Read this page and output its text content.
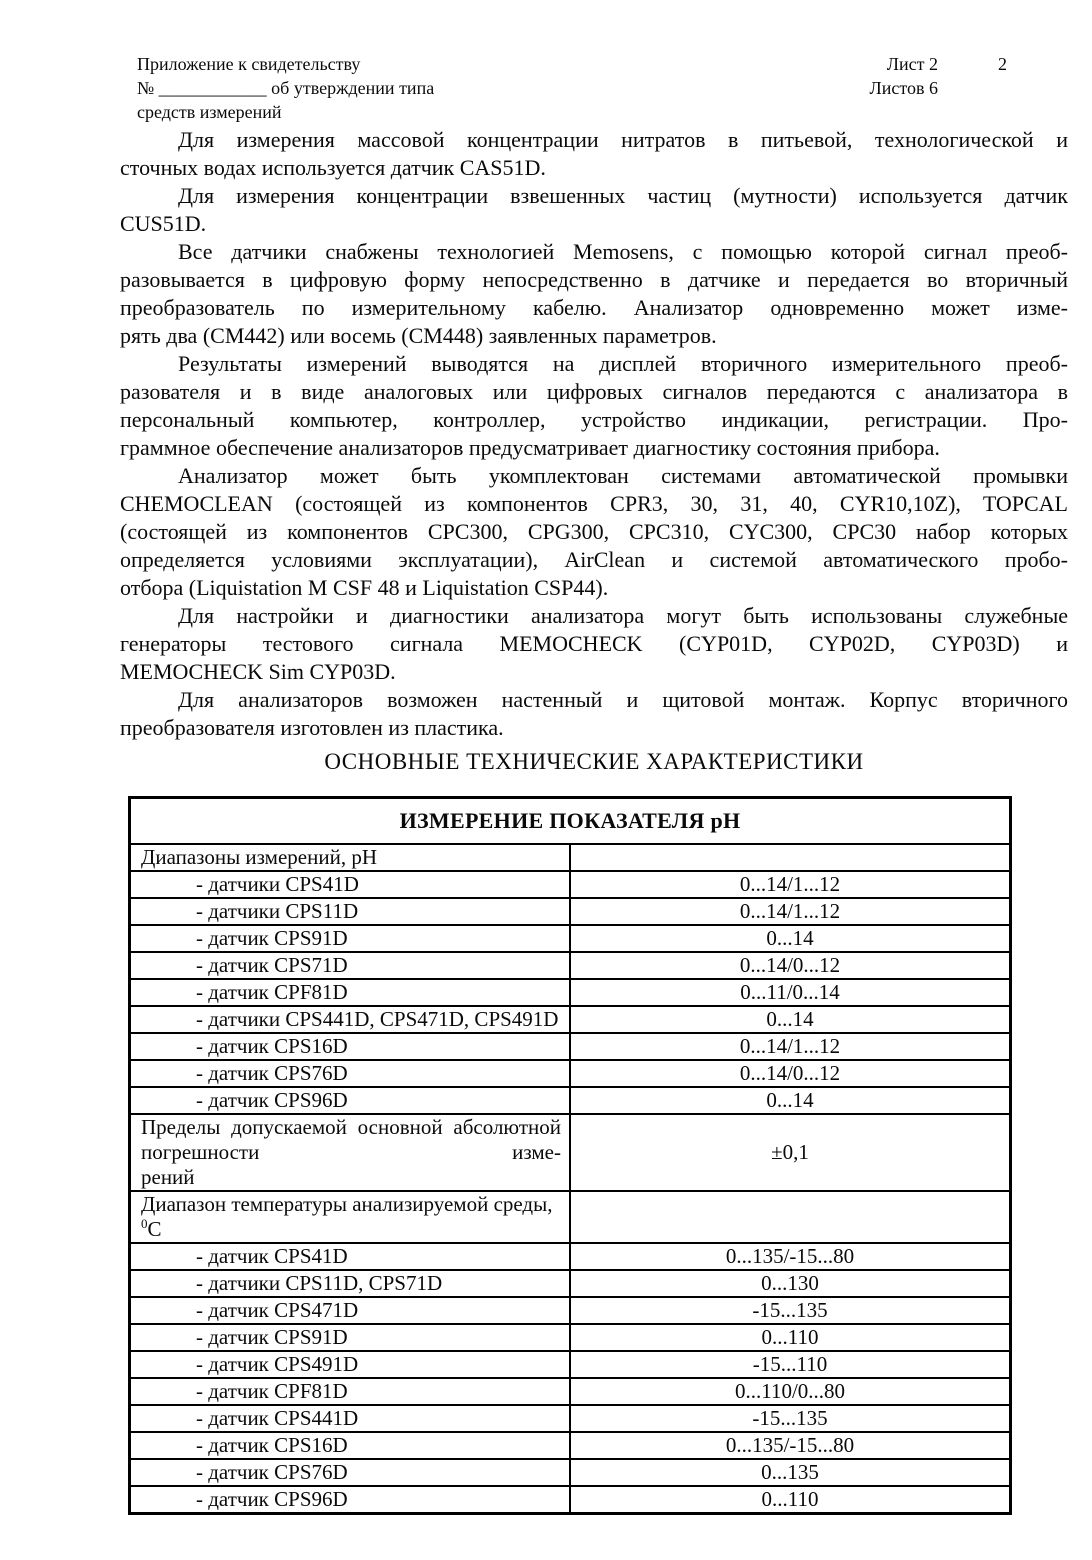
Приложение к свидетельству
№ ____________ об утверждении типа
средств измерений
Лист 2
Листов 6
2
Для измерения массовой концентрации нитратов в питьевой, технологической и
сточных водах используется датчик CAS51D.
Для измерения концентрации взвешенных частиц (мутности) используется датчик
CUS51D.
Все датчики снабжены технологией Memosens, с помощью которой сигнал преоб-
разовывается в цифровую форму непосредственно в датчике и передается во вторичный
преобразователь по измерительному кабелю. Анализатор одновременно может изме-
рять два (СМ442) или восемь (СМ448) заявленных параметров.
Результаты измерений выводятся на дисплей вторичного измерительного преоб-
разователя и в виде аналоговых или цифровых сигналов передаются с анализатора в
персональный компьютер, контроллер, устройство индикации, регистрации. Про-
граммное обеспечение анализаторов предусматривает диагностику состояния прибора.
Анализатор может быть укомплектован системами автоматической промывки
CHEMOCLEAN (состоящей из компонентов CPR3, 30, 31, 40, CYR10,10Z), TOPCAL
(состоящей из компонентов CPC300, CPG300, CPC310, CYC300, CPC30 набор которых
определяется условиями эксплуатации), AirClean и системой автоматического пробо-
отбора (Liquistation M CSF 48 и Liquistation CSP44).
Для настройки и диагностики анализатора могут быть использованы служебные
генераторы тестового сигнала MEMOCHECK (CYP01D, CYP02D, CYP03D) и
MEMOCHECK Sim CYP03D.
Для анализаторов возможен настенный и щитовой монтаж. Корпус вторичного
преобразователя изготовлен из пластика.
ОСНОВНЫЕ ТЕХНИЧЕСКИЕ ХАРАКТЕРИСТИКИ
ИЗМЕРЕНИЕ ПОКАЗАТЕЛЯ pH	
Диапазоны измерений, pH	
- датчики CPS41D	0...14/1...12
- датчики CPS11D	0...14/1...12
- датчик CPS91D	0...14
- датчик CPS71D	0...14/0...12
- датчик CPF81D	0...11/0...14
- датчики CPS441D, CPS471D, CPS491D	0...14
- датчик CPS16D	0...14/1...12
- датчик CPS76D	0...14/0...12
- датчик CPS96D	0...14

Пределы допускаемой основной абсолютной погрешности изме-
рений	±0,1
Диапазон температуры анализируемой среды, $^0$С	
- датчик CPS41D	0...135/-15...80
- датчики CPS11D, CPS71D	0...130
- датчик CPS471D	-15...135
- датчик CPS91D	0...110
- датчик CPS491D	-15...110
- датчик CPF81D	0...110/0...80
- датчик CPS441D	-15...135
- датчик CPS16D	0...135/-15...80
- датчик CPS76D	0...135
- датчик CPS96D	0...110
